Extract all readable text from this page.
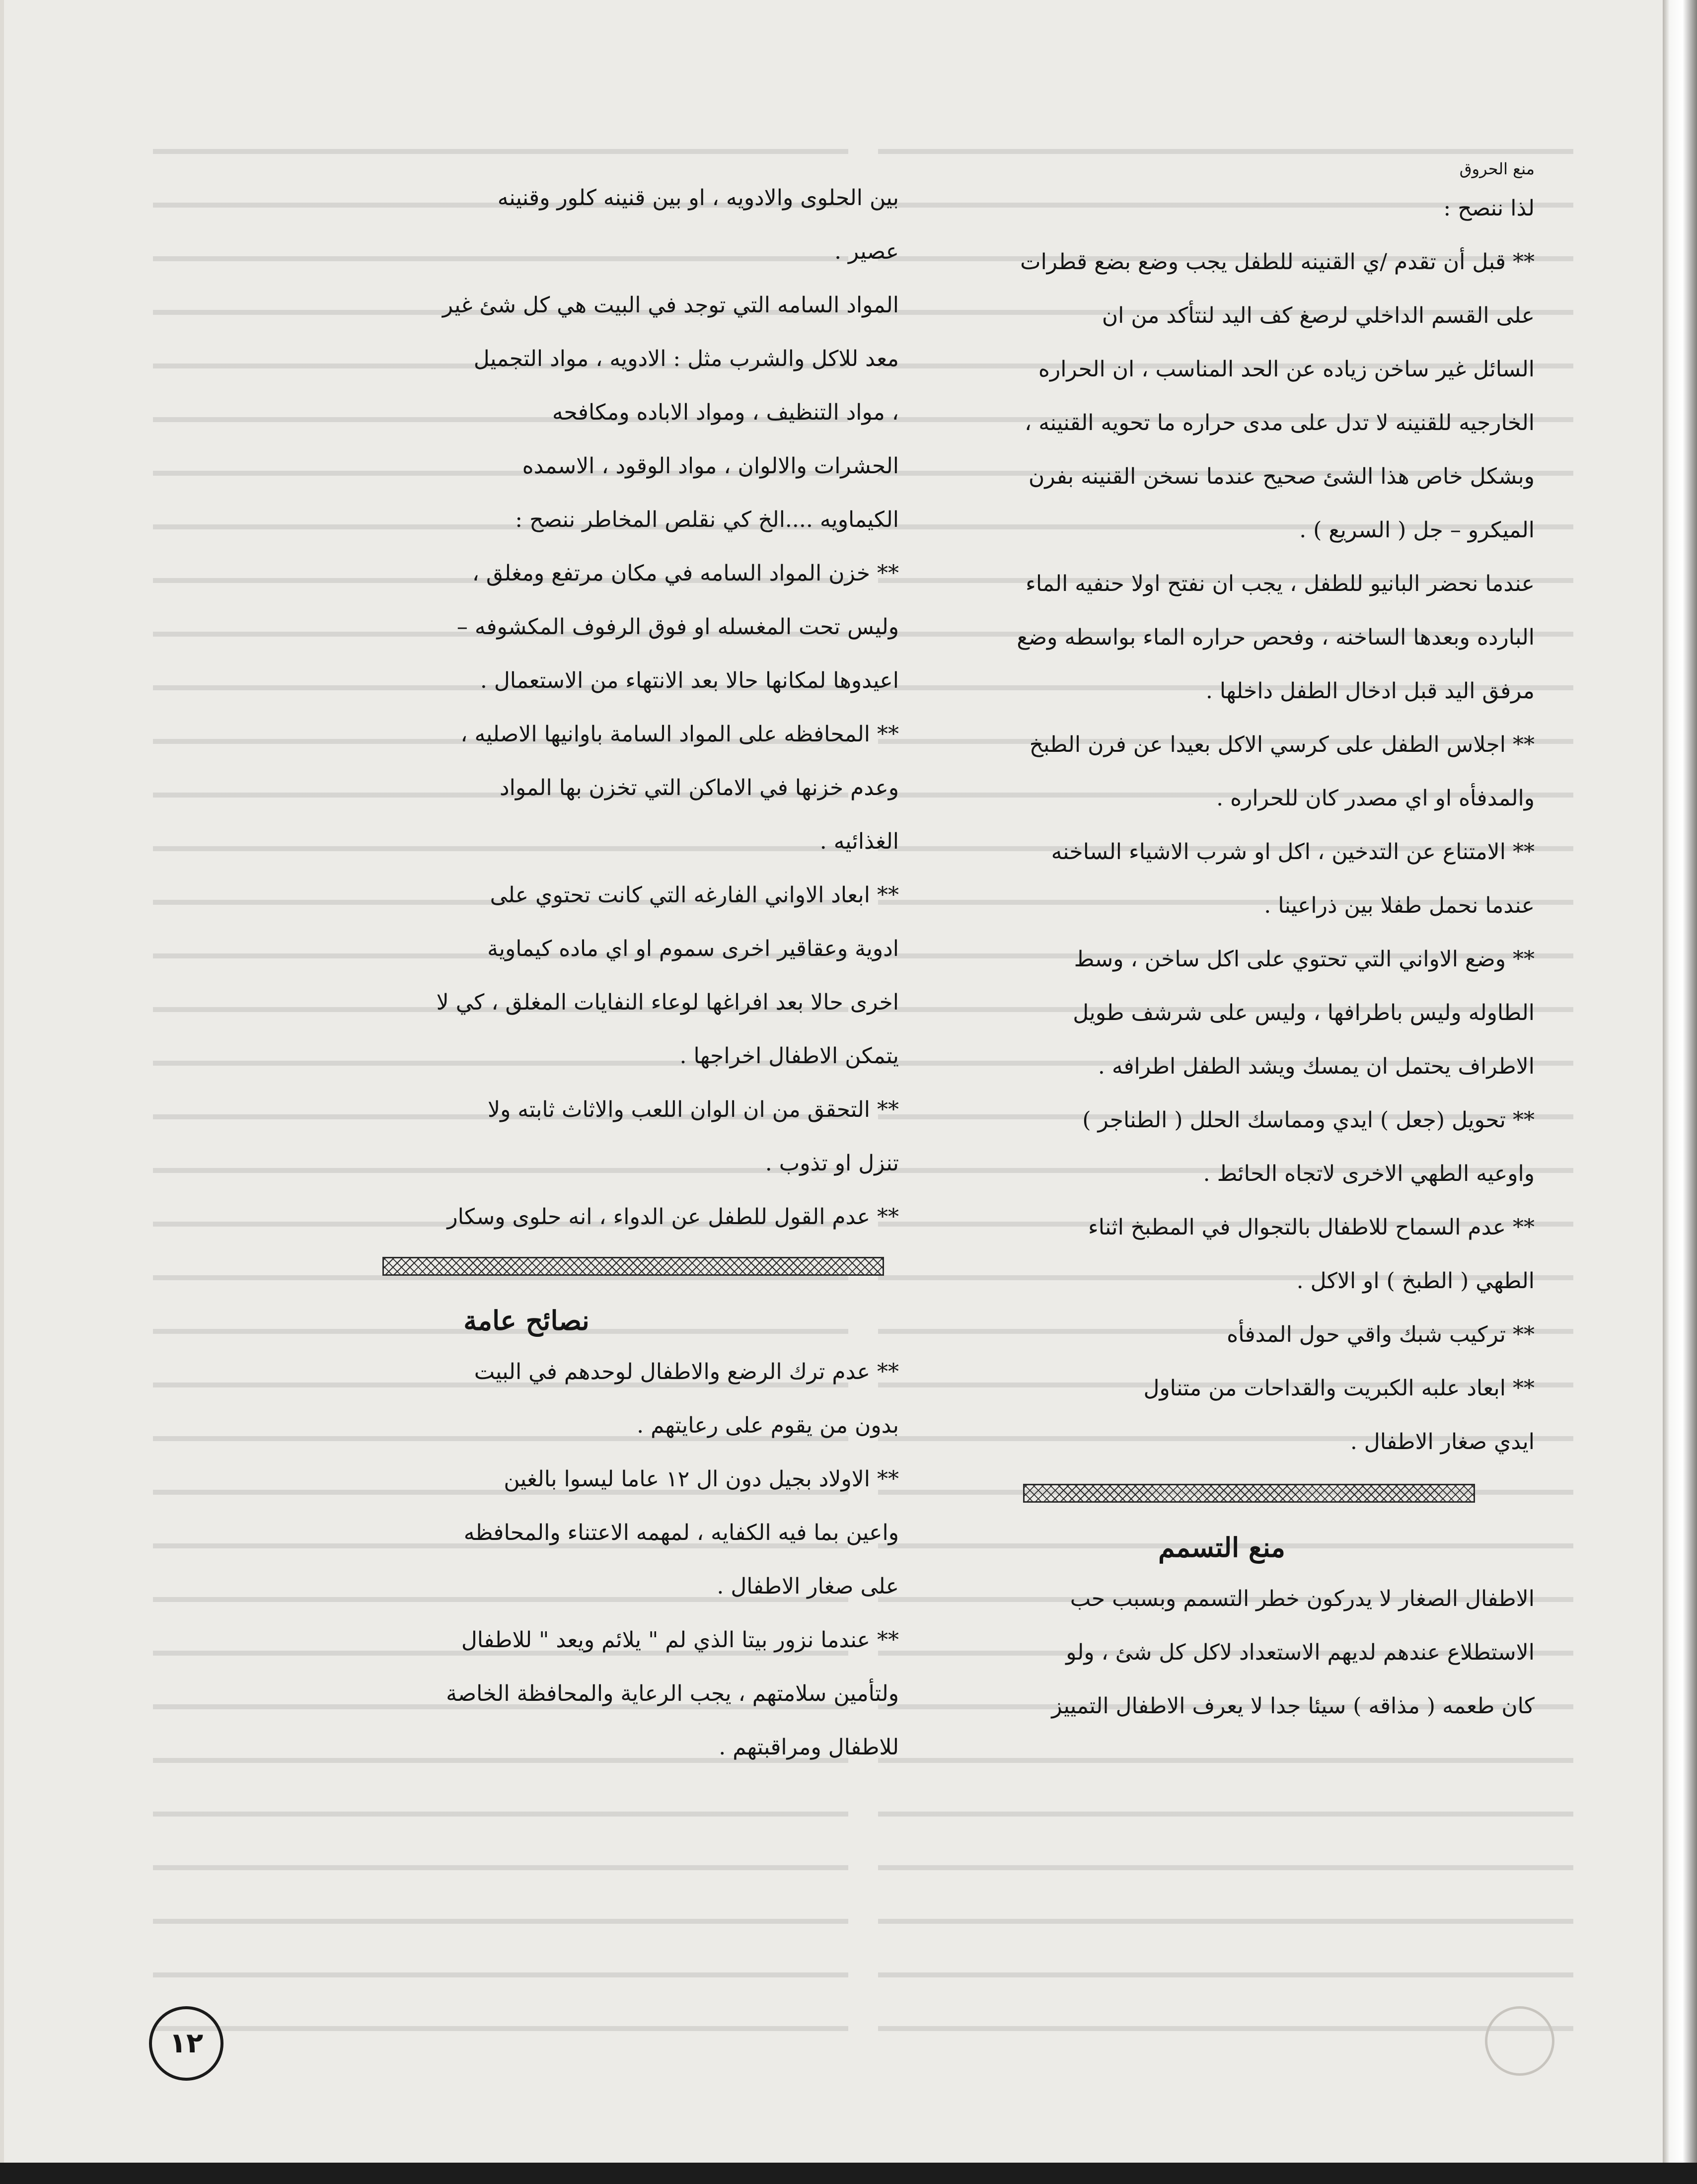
منع الحروق
لذا ننصح :
** قبل أن تقدم /ي القنينه للطفل يجب وضع بضع قطرات
على القسم الداخلي لرصغ كف اليد لنتأكد من ان
السائل غير ساخن زياده عن الحد المناسب ، ان الحراره
الخارجيه للقنينه لا تدل على مدى حراره ما تحويه القنينه ،
وبشكل خاص هذا الشئ صحيح عندما نسخن القنينه بفرن
الميكرو – جل ( السريع ) .
عندما نحضر البانيو للطفل ، يجب ان نفتح اولا حنفيه الماء
البارده وبعدها الساخنه ، وفحص حراره الماء بواسطه وضع
مرفق اليد قبل ادخال الطفل داخلها .
** اجلاس الطفل على كرسي الاكل بعيدا عن فرن الطبخ
والمدفأه او اي مصدر كان للحراره .
** الامتناع عن التدخين ، اكل او شرب الاشياء الساخنه
عندما نحمل طفلا بين ذراعينا .
** وضع الاواني التي تحتوي على اكل ساخن ، وسط
الطاوله وليس باطرافها ، وليس على شرشف طويل
الاطراف يحتمل ان يمسك ويشد الطفل اطرافه .
** تحويل (جعل ) ايدي ومماسك الحلل ( الطناجر )
واوعيه الطهي الاخرى لاتجاه الحائط .
** عدم السماح للاطفال بالتجوال في المطبخ اثناء
الطهي ( الطبخ ) او الاكل .
** تركيب شبك واقي حول المدفأه
** ابعاد علبه الكبريت والقداحات من متناول
ايدي صغار الاطفال .
منع التسمم
الاطفال الصغار لا يدركون خطر التسمم وبسبب حب
الاستطلاع عندهم لديهم الاستعداد لاكل كل شئ ، ولو
كان طعمه ( مذاقه ) سيئا جدا لا يعرف الاطفال التمييز
بين الحلوى والادويه ، او بين قنينه كلور وقنينه
عصير .
المواد السامه التي توجد في البيت هي كل شئ غير
معد للاكل والشرب مثل : الادويه ، مواد التجميل
، مواد التنظيف ، ومواد الاباده ومكافحه
الحشرات والالوان ، مواد الوقود ، الاسمده
الكيماويه ....الخ كي نقلص المخاطر ننصح :
** خزن المواد السامه في مكان مرتفع ومغلق ،
وليس تحت المغسله او فوق الرفوف المكشوفه –
اعيدوها لمكانها حالا بعد الانتهاء من الاستعمال .
** المحافظه على المواد السامة باوانيها الاصليه ،
وعدم خزنها في الاماكن التي تخزن بها المواد
الغذائيه .
** ابعاد الاواني الفارغه التي كانت تحتوي على
ادوية وعقاقير اخرى سموم او اي ماده كيماوية
اخرى حالا بعد افراغها لوعاء النفايات المغلق ، كي لا
يتمكن الاطفال اخراجها .
** التحقق من ان الوان اللعب والاثاث ثابته ولا
تنزل او تذوب .
** عدم القول للطفل عن الدواء ، انه حلوى وسكار
نصائح عامة
** عدم ترك الرضع والاطفال لوحدهم في البيت
بدون من يقوم على رعايتهم .
** الاولاد بجيل دون ال ١٢ عاما ليسوا بالغين
واعين بما فيه الكفايه ، لمهمه الاعتناء والمحافظه
على صغار الاطفال .
** عندما نزور بيتا الذي لم " يلائم ويعد " للاطفال
ولتأمين سلامتهم ، يجب الرعاية والمحافظة الخاصة
للاطفال ومراقبتهم .
١٢
